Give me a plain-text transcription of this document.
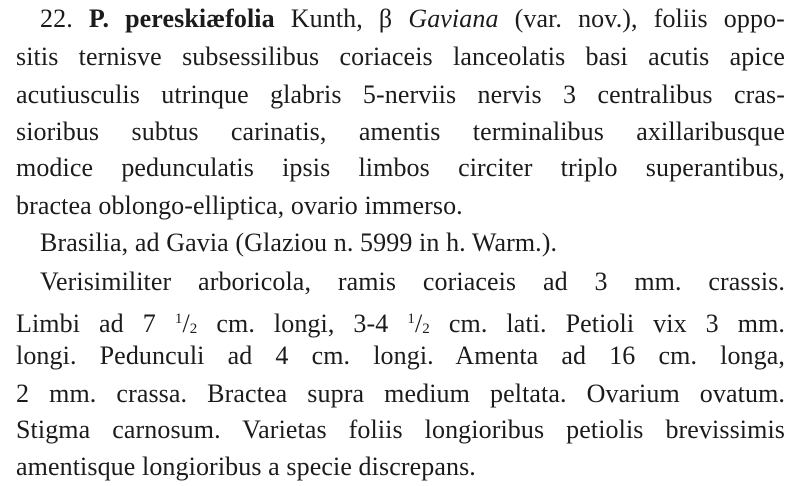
22. P. pereskiæfolia Kunth, β Gaviana (var. nov.), foliis oppo-
sitis ternisve subsessilibus coriaceis lanceolatis basi acutis apice
acutiusculis utrinque glabris 5-nerviis nervis 3 centralibus cras-
sioribus subtus carinatis, amentis terminalibus axillaribusque
modice pedunculatis ipsis limbos circiter triplo superantibus,
bractea oblongo-elliptica, ovario immerso.
Brasilia, ad Gavia (Glaziou n. 5999 in h. Warm.).
Verisimiliter arboricola, ramis coriaceis ad 3 mm. crassis.
Limbi ad 7 $^1/_2$ cm. longi, 3-4 $^1/_2$ cm. lati. Petioli vix 3 mm.
longi. Pedunculi ad 4 cm. longi. Amenta ad 16 cm. longa,
2 mm. crassa. Bractea supra medium peltata. Ovarium ovatum.
Stigma carnosum. Varietas foliis longioribus petiolis brevissimis
amentisque longioribus a specie discrepans.
